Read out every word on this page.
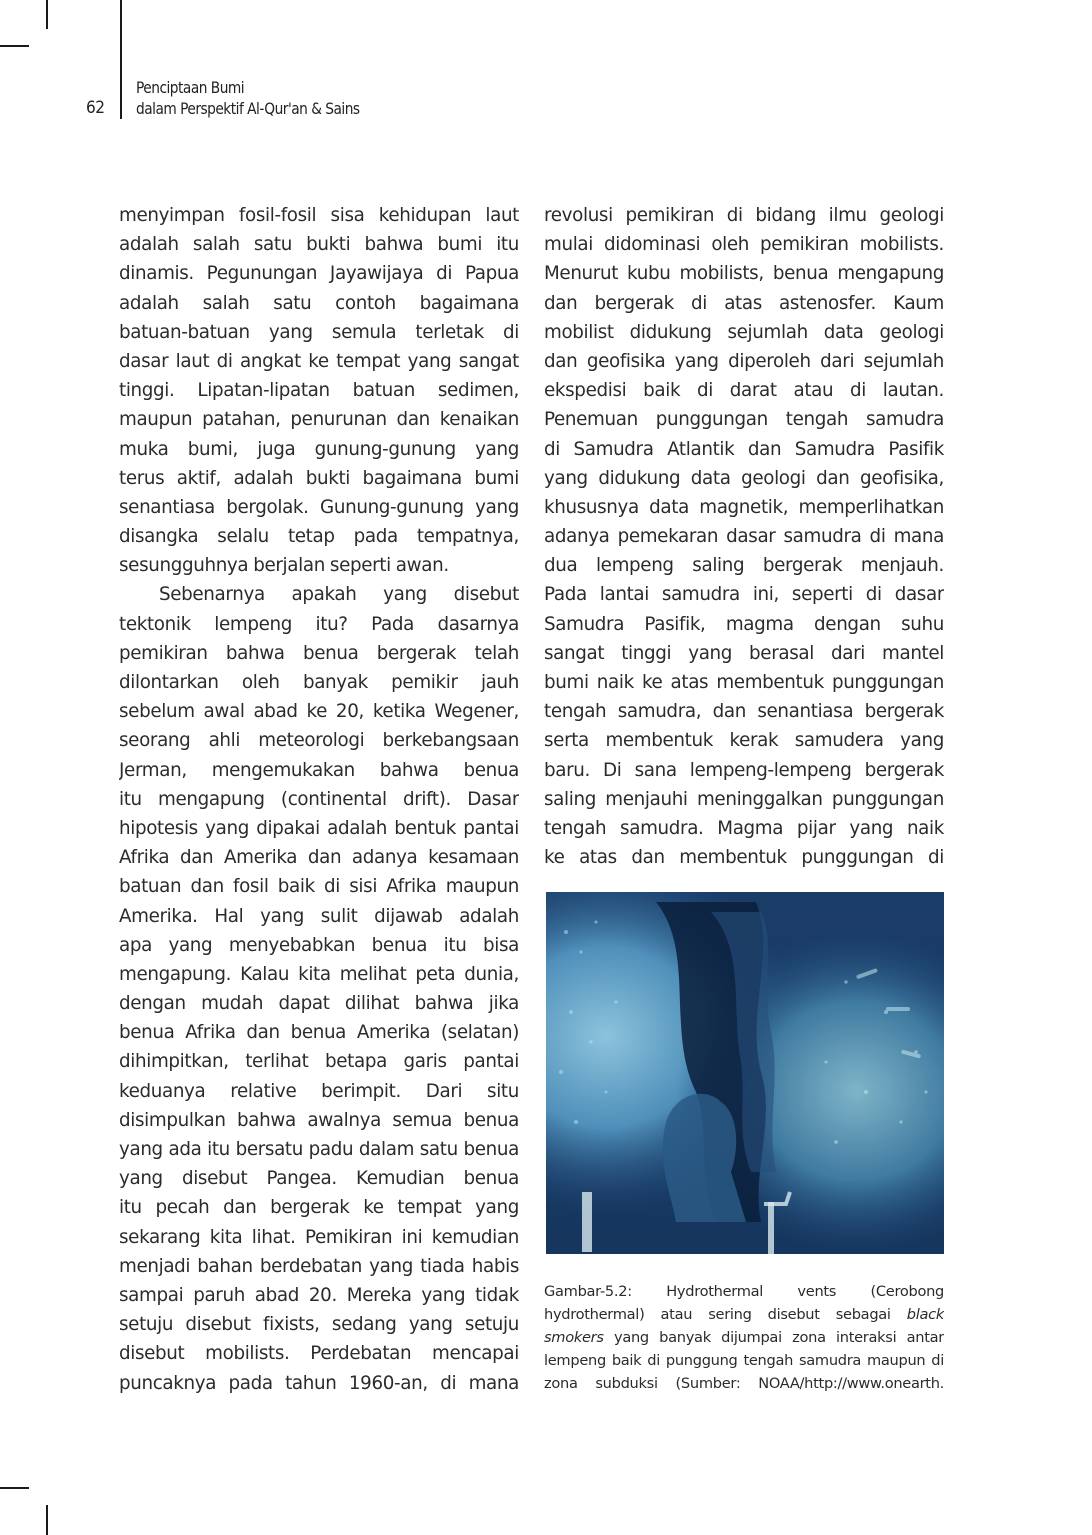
62
Penciptaan Bumi
dalam Perspektif Al-Qur'an & Sains
menyimpan fosil-fosil sisa kehidupan laut
adalah salah satu bukti bahwa bumi itu
dinamis. Pegunungan Jayawijaya di Papua
adalah salah satu contoh bagaimana
batuan-batuan yang semula terletak di
dasar laut di angkat ke tempat yang sangat
tinggi. Lipatan-lipatan batuan sedimen,
maupun patahan, penurunan dan kenaikan
muka bumi, juga gunung-gunung yang
terus aktif, adalah bukti bagaimana bumi
senantiasa bergolak. Gunung-gunung yang
disangka selalu tetap pada tempatnya,
sesungguhnya berjalan seperti awan.
Sebenarnya apakah yang disebut
tektonik lempeng itu? Pada dasarnya
pemikiran bahwa benua bergerak telah
dilontarkan oleh banyak pemikir jauh
sebelum awal abad ke 20, ketika Wegener,
seorang ahli meteorologi berkebangsaan
Jerman, mengemukakan bahwa benua
itu mengapung (continental drift). Dasar
hipotesis yang dipakai adalah bentuk pantai
Afrika dan Amerika dan adanya kesamaan
batuan dan fosil baik di sisi Afrika maupun
Amerika. Hal yang sulit dijawab adalah
apa yang menyebabkan benua itu bisa
mengapung. Kalau kita melihat peta dunia,
dengan mudah dapat dilihat bahwa jika
benua Afrika dan benua Amerika (selatan)
dihimpitkan, terlihat betapa garis pantai
keduanya relative berimpit. Dari situ
disimpulkan bahwa awalnya semua benua
yang ada itu bersatu padu dalam satu benua
yang disebut Pangea. Kemudian benua
itu pecah dan bergerak ke tempat yang
sekarang kita lihat. Pemikiran ini kemudian
menjadi bahan berdebatan yang tiada habis
sampai paruh abad 20. Mereka yang tidak
setuju disebut fixists, sedang yang setuju
disebut mobilists. Perdebatan mencapai
puncaknya pada tahun 1960-an, di mana
revolusi pemikiran di bidang ilmu geologi
mulai didominasi oleh pemikiran mobilists.
Menurut kubu mobilists, benua mengapung
dan bergerak di atas astenosfer. Kaum
mobilist didukung sejumlah data geologi
dan geofisika yang diperoleh dari sejumlah
ekspedisi baik di darat atau di lautan.
Penemuan punggungan tengah samudra
di Samudra Atlantik dan Samudra Pasifik
yang didukung data geologi dan geofisika,
khususnya data magnetik, memperlihatkan
adanya pemekaran dasar samudra di mana
dua lempeng saling bergerak menjauh.
Pada lantai samudra ini, seperti di dasar
Samudra Pasifik, magma dengan suhu
sangat tinggi yang berasal dari mantel
bumi naik ke atas membentuk punggungan
tengah samudra, dan senantiasa bergerak
serta membentuk kerak samudera yang
baru. Di sana lempeng-lempeng bergerak
saling menjauhi meninggalkan punggungan
tengah samudra. Magma pijar yang naik
ke atas dan membentuk punggungan di
Gambar-5.2: Hydrothermal vents (Cerobong
hydrothermal) atau sering disebut sebagai black
smokers yang banyak dijumpai zona interaksi antar
lempeng baik di punggung tengah samudra maupun di
zona subduksi (Sumber: NOAA/http://www.onearth.
